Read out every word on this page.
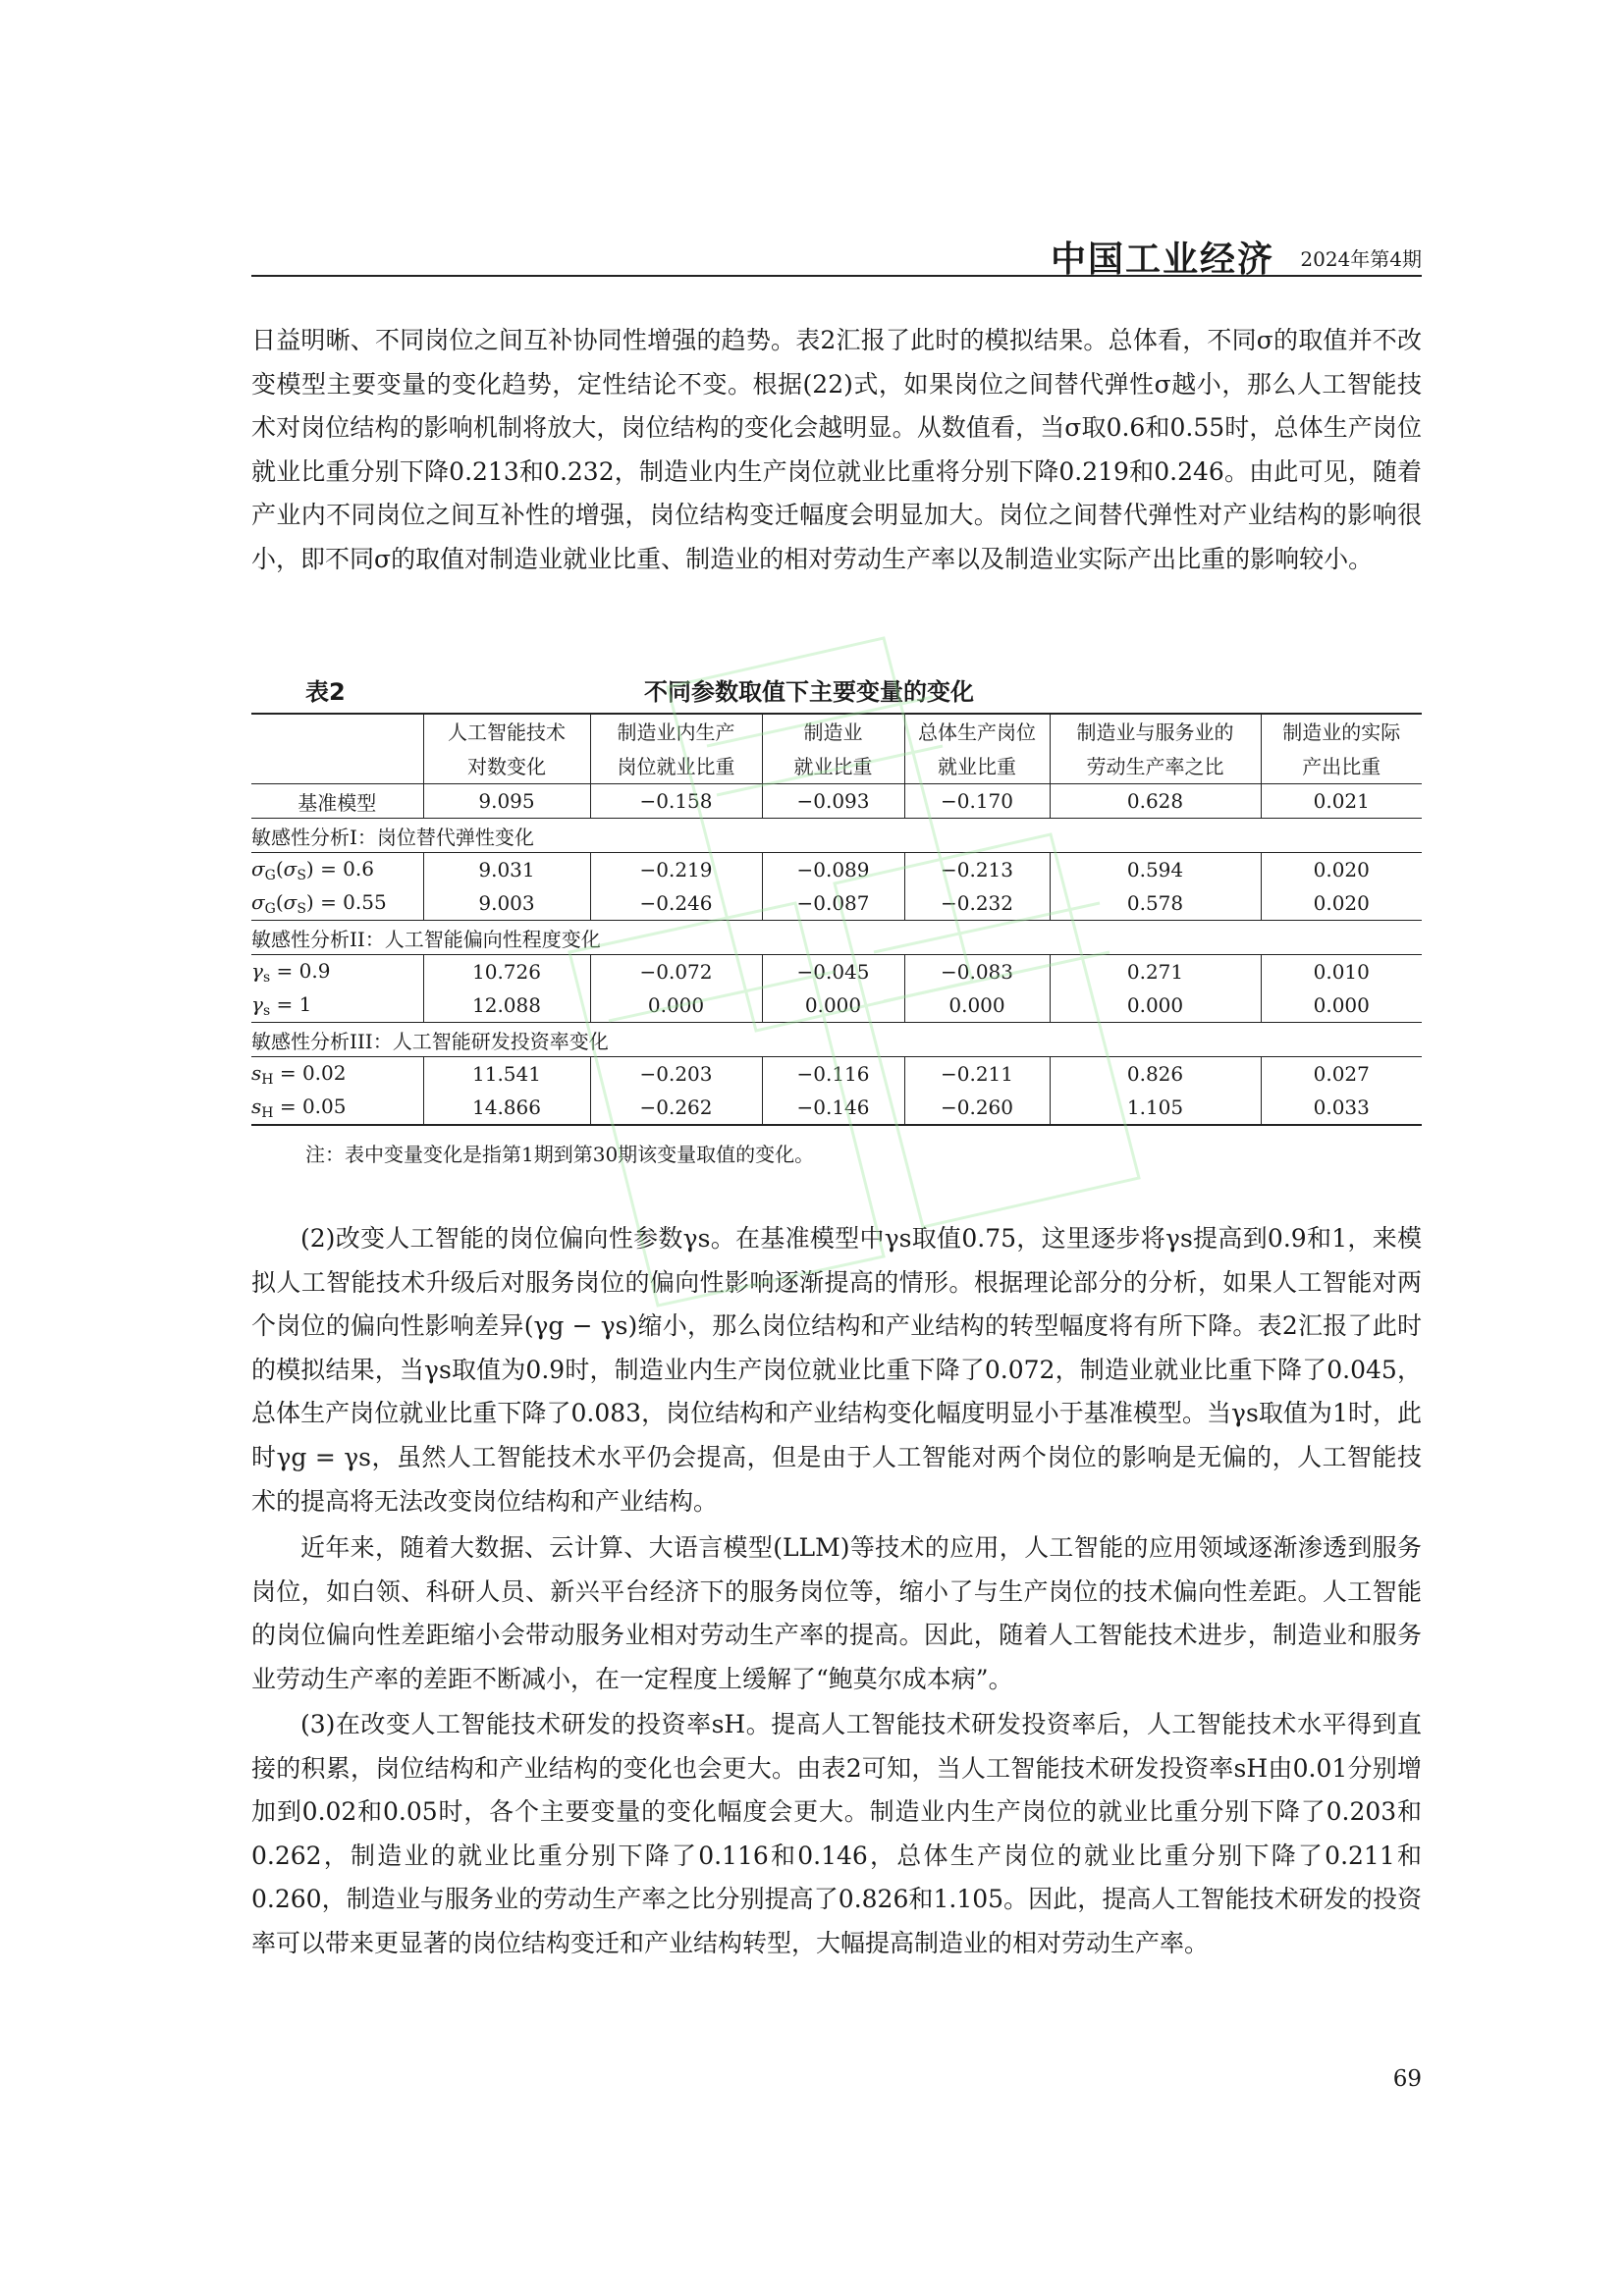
中国工业经济 2024年第4期

日益明晰、不同岗位之间互补协同性增强的趋势。表2汇报了此时的模拟结果。总体看，不同σ的取值并不改变模型主要变量的变化趋势，定性结论不变。根据(22)式，如果岗位之间替代弹性σ越小，那么人工智能技术对岗位结构的影响机制将放大，岗位结构的变化会越明显。从数值看，当σ取0.6和0.55时，总体生产岗位就业比重分别下降0.213和0.232，制造业内生产岗位就业比重将分别下降0.219和0.246。由此可见，随着产业内不同岗位之间互补性的增强，岗位结构变迁幅度会明显加大。岗位之间替代弹性对产业结构的影响很小，即不同σ的取值对制造业就业比重、制造业的相对劳动生产率以及制造业实际产出比重的影响较小。

表2	不同参数取值下主要变量的变化
	人工智能技术	制造业内生产	制造业	总体生产岗位	制造业与服务业的	制造业的实际
	对数变化	岗位就业比重	就业比重	就业比重	劳动生产率之比	产出比重
基准模型	9.095	−0.158	−0.093	−0.170	0.628	0.021
敏感性分析I：岗位替代弹性变化						
$\sigma_G(\sigma_S) = 0.6$	9.031	−0.219	−0.089	−0.213	0.594	0.020
$\sigma_G(\sigma_S) = 0.55$	9.003	−0.246	−0.087	−0.232	0.578	0.020
敏感性分析II：人工智能偏向性程度变化						
$\gamma_s = 0.9$	10.726	−0.072	−0.045	−0.083	0.271	0.010
$\gamma_s = 1$	12.088	0.000	0.000	0.000	0.000	0.000
敏感性分析III：人工智能研发投资率变化						
$s_H = 0.02$	11.541	−0.203	−0.116	−0.211	0.826	0.027
$s_H = 0.05$	14.866	−0.262	−0.146	−0.260	1.105	0.033
注：表中变量变化是指第1期到第30期该变量取值的变化。

(2)改变人工智能的岗位偏向性参数γs。在基准模型中γs取值0.75，这里逐步将γs提高到0.9和1，来模拟人工智能技术升级后对服务岗位的偏向性影响逐渐提高的情形。根据理论部分的分析，如果人工智能对两个岗位的偏向性影响差异(γg − γs)缩小，那么岗位结构和产业结构的转型幅度将有所下降。表2汇报了此时的模拟结果，当γs取值为0.9时，制造业内生产岗位就业比重下降了0.072，制造业就业比重下降了0.045，总体生产岗位就业比重下降了0.083，岗位结构和产业结构变化幅度明显小于基准模型。当γs取值为1时，此时γg = γs，虽然人工智能技术水平仍会提高，但是由于人工智能对两个岗位的影响是无偏的，人工智能技术的提高将无法改变岗位结构和产业结构。

近年来，随着大数据、云计算、大语言模型(LLM)等技术的应用，人工智能的应用领域逐渐渗透到服务岗位，如白领、科研人员、新兴平台经济下的服务岗位等，缩小了与生产岗位的技术偏向性差距。人工智能的岗位偏向性差距缩小会带动服务业相对劳动生产率的提高。因此，随着人工智能技术进步，制造业和服务业劳动生产率的差距不断减小，在一定程度上缓解了“鲍莫尔成本病”。

(3)在改变人工智能技术研发的投资率sH。提高人工智能技术研发投资率后，人工智能技术水平得到直接的积累，岗位结构和产业结构的变化也会更大。由表2可知，当人工智能技术研发投资率sH由0.01分别增加到0.02和0.05时，各个主要变量的变化幅度会更大。制造业内生产岗位的就业比重分别下降了0.203和0.262，制造业的就业比重分别下降了0.116和0.146，总体生产岗位的就业比重分别下降了0.211和0.260，制造业与服务业的劳动生产率之比分别提高了0.826和1.105。因此，提高人工智能技术研发的投资率可以带来更显著的岗位结构变迁和产业结构转型，大幅提高制造业的相对劳动生产率。

69
